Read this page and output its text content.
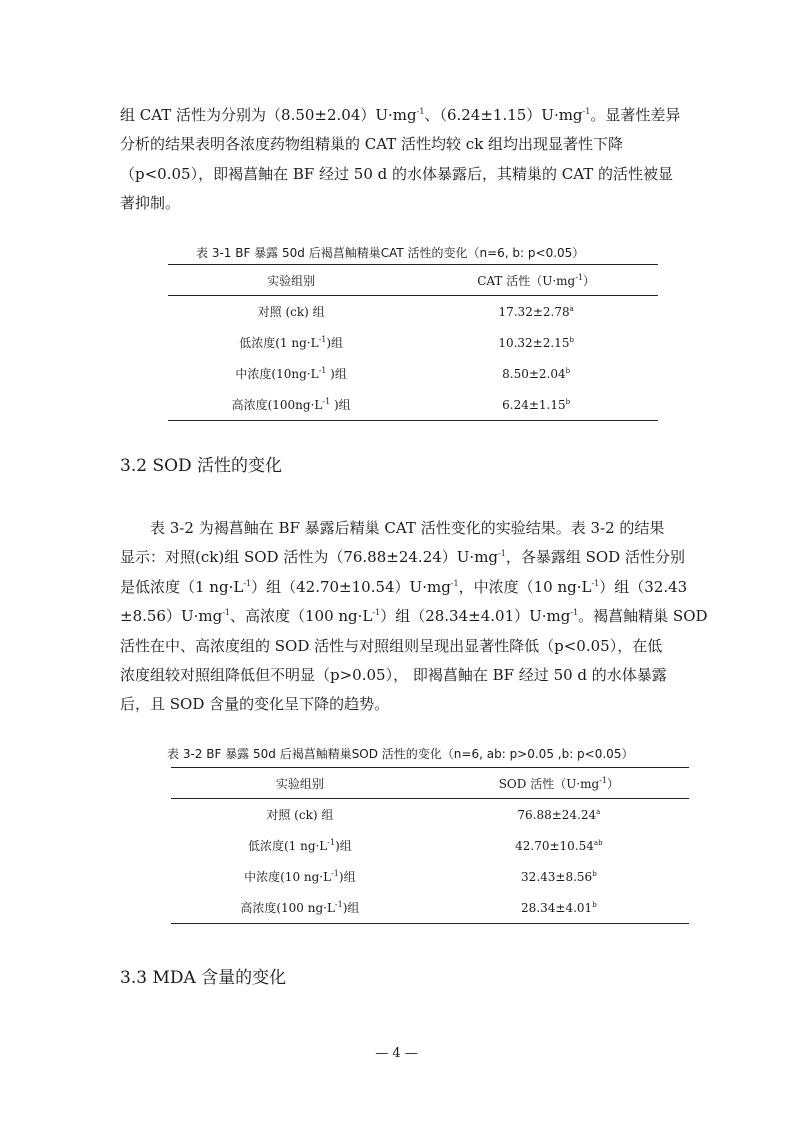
组 CAT 活性为分别为$(8.50\pm 2.04)U\cdot mg^{-1}$、$(6.24\pm 1.15)U\cdot mg^{-1}$。显著性差异
分析的结果表明各浓度药物组精巢的 CAT 活性均较 ck 组均出现显著性下降
（p<0.05），即褐菖鲉在 BF 经过 50 d 的水体暴露后，其精巢的 CAT 的活性被显
著抑制。
表 3-1 BF 暴露 50d 后褐菖鲉精巢CAT 活性的变化（n=6, b: p<0.05）
实验组别	CAT 活性$(U\cdot mg^{-1})$
对照 (ck) 组	17.32±2.78$^a$
低浓度(1 $ng\cdot L^{-1}$)组	10.32±2.15$^b$
中浓度($10ng\cdot L^{-1}$ )组	8.50±2.04$^b$
高浓度($100ng\cdot L^{-1}$ )组	6.24±1.15$^b$
3.2 SOD 活性的变化
表 3-2 为褐菖鲉在 BF 暴露后精巢 CAT 活性变化的实验结果。表 3-2 的结果
显示：对照(ck)组 SOD 活性为$(76.88\pm 24.24)U\cdot mg^{-1}$，各暴露组 SOD 活性分别
是低浓度（1 $ng\cdot L^{-1}$）组$(42.70\pm 10.54)U\cdot mg^{-1}$，中浓度（10 $ng\cdot L^{-1}$）组（32.43
$\pm 8.56)U\cdot mg^{-1}$、高浓度（100 $ng\cdot L^{-1}$）组$(28.34\pm 4.01)U\cdot mg^{-1}$。褐菖鲉精巢 SOD
活性在中、高浓度组的 SOD 活性与对照组则呈现出显著性降低（p<0.05），在低
浓度组较对照组降低但不明显（p>0.05）， 即褐菖鲉在 BF 经过 50 d 的水体暴露
后，且 SOD 含量的变化呈下降的趋势。
表 3-2 BF 暴露 50d 后褐菖鲉精巢SOD 活性的变化（n=6, ab: p>0.05 ,b: p<0.05）
实验组别	SOD 活性$(U\cdot mg^{-1})$
对照 (ck) 组	76.88±24.24$^a$
低浓度(1 $ng\cdot L^{-1}$)组	42.70±10.54$^{ab}$
中浓度(10 $ng\cdot L^{-1}$)组	32.43±8.56$^b$
高浓度(100 $ng\cdot L^{-1}$)组	28.34±4.01$^b$
3.3 MDA 含量的变化
— 4 —
